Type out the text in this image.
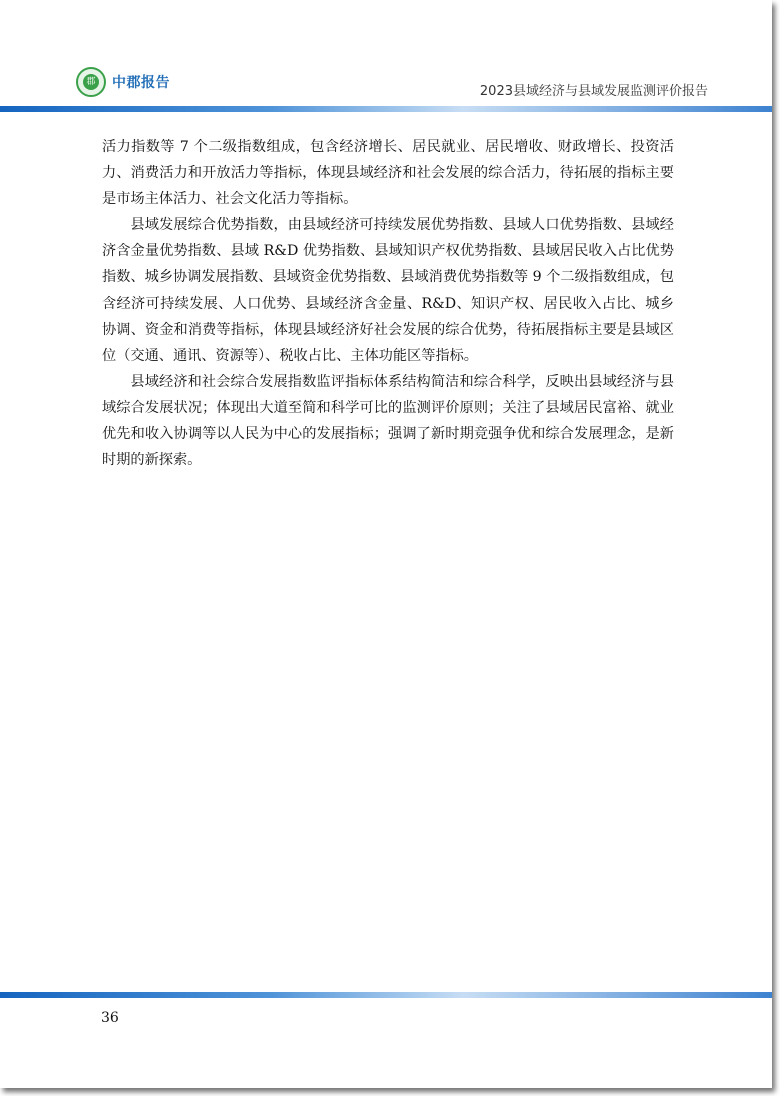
郡 中郡报告
2023县域经济与县域发展监测评价报告

活力指数等 7 个二级指数组成，包含经济增长、居民就业、居民增收、财政增长、投资活力、消费活力和开放活力等指标，体现县域经济和社会发展的综合活力，待拓展的指标主要是市场主体活力、社会文化活力等指标。

县域发展综合优势指数，由县域经济可持续发展优势指数、县域人口优势指数、县域经济含金量优势指数、县域 R&D 优势指数、县域知识产权优势指数、县域居民收入占比优势指数、城乡协调发展指数、县域资金优势指数、县域消费优势指数等 9 个二级指数组成，包含经济可持续发展、人口优势、县域经济含金量、R&D、知识产权、居民收入占比、城乡协调、资金和消费等指标，体现县域经济好社会发展的综合优势，待拓展指标主要是县域区位（交通、通讯、资源等）、税收占比、主体功能区等指标。

县域经济和社会综合发展指数监评指标体系结构简洁和综合科学，反映出县域经济与县域综合发展状况；体现出大道至简和科学可比的监测评价原则；关注了县域居民富裕、就业优先和收入协调等以人民为中心的发展指标；强调了新时期竞强争优和综合发展理念，是新时期的新探索。

36
